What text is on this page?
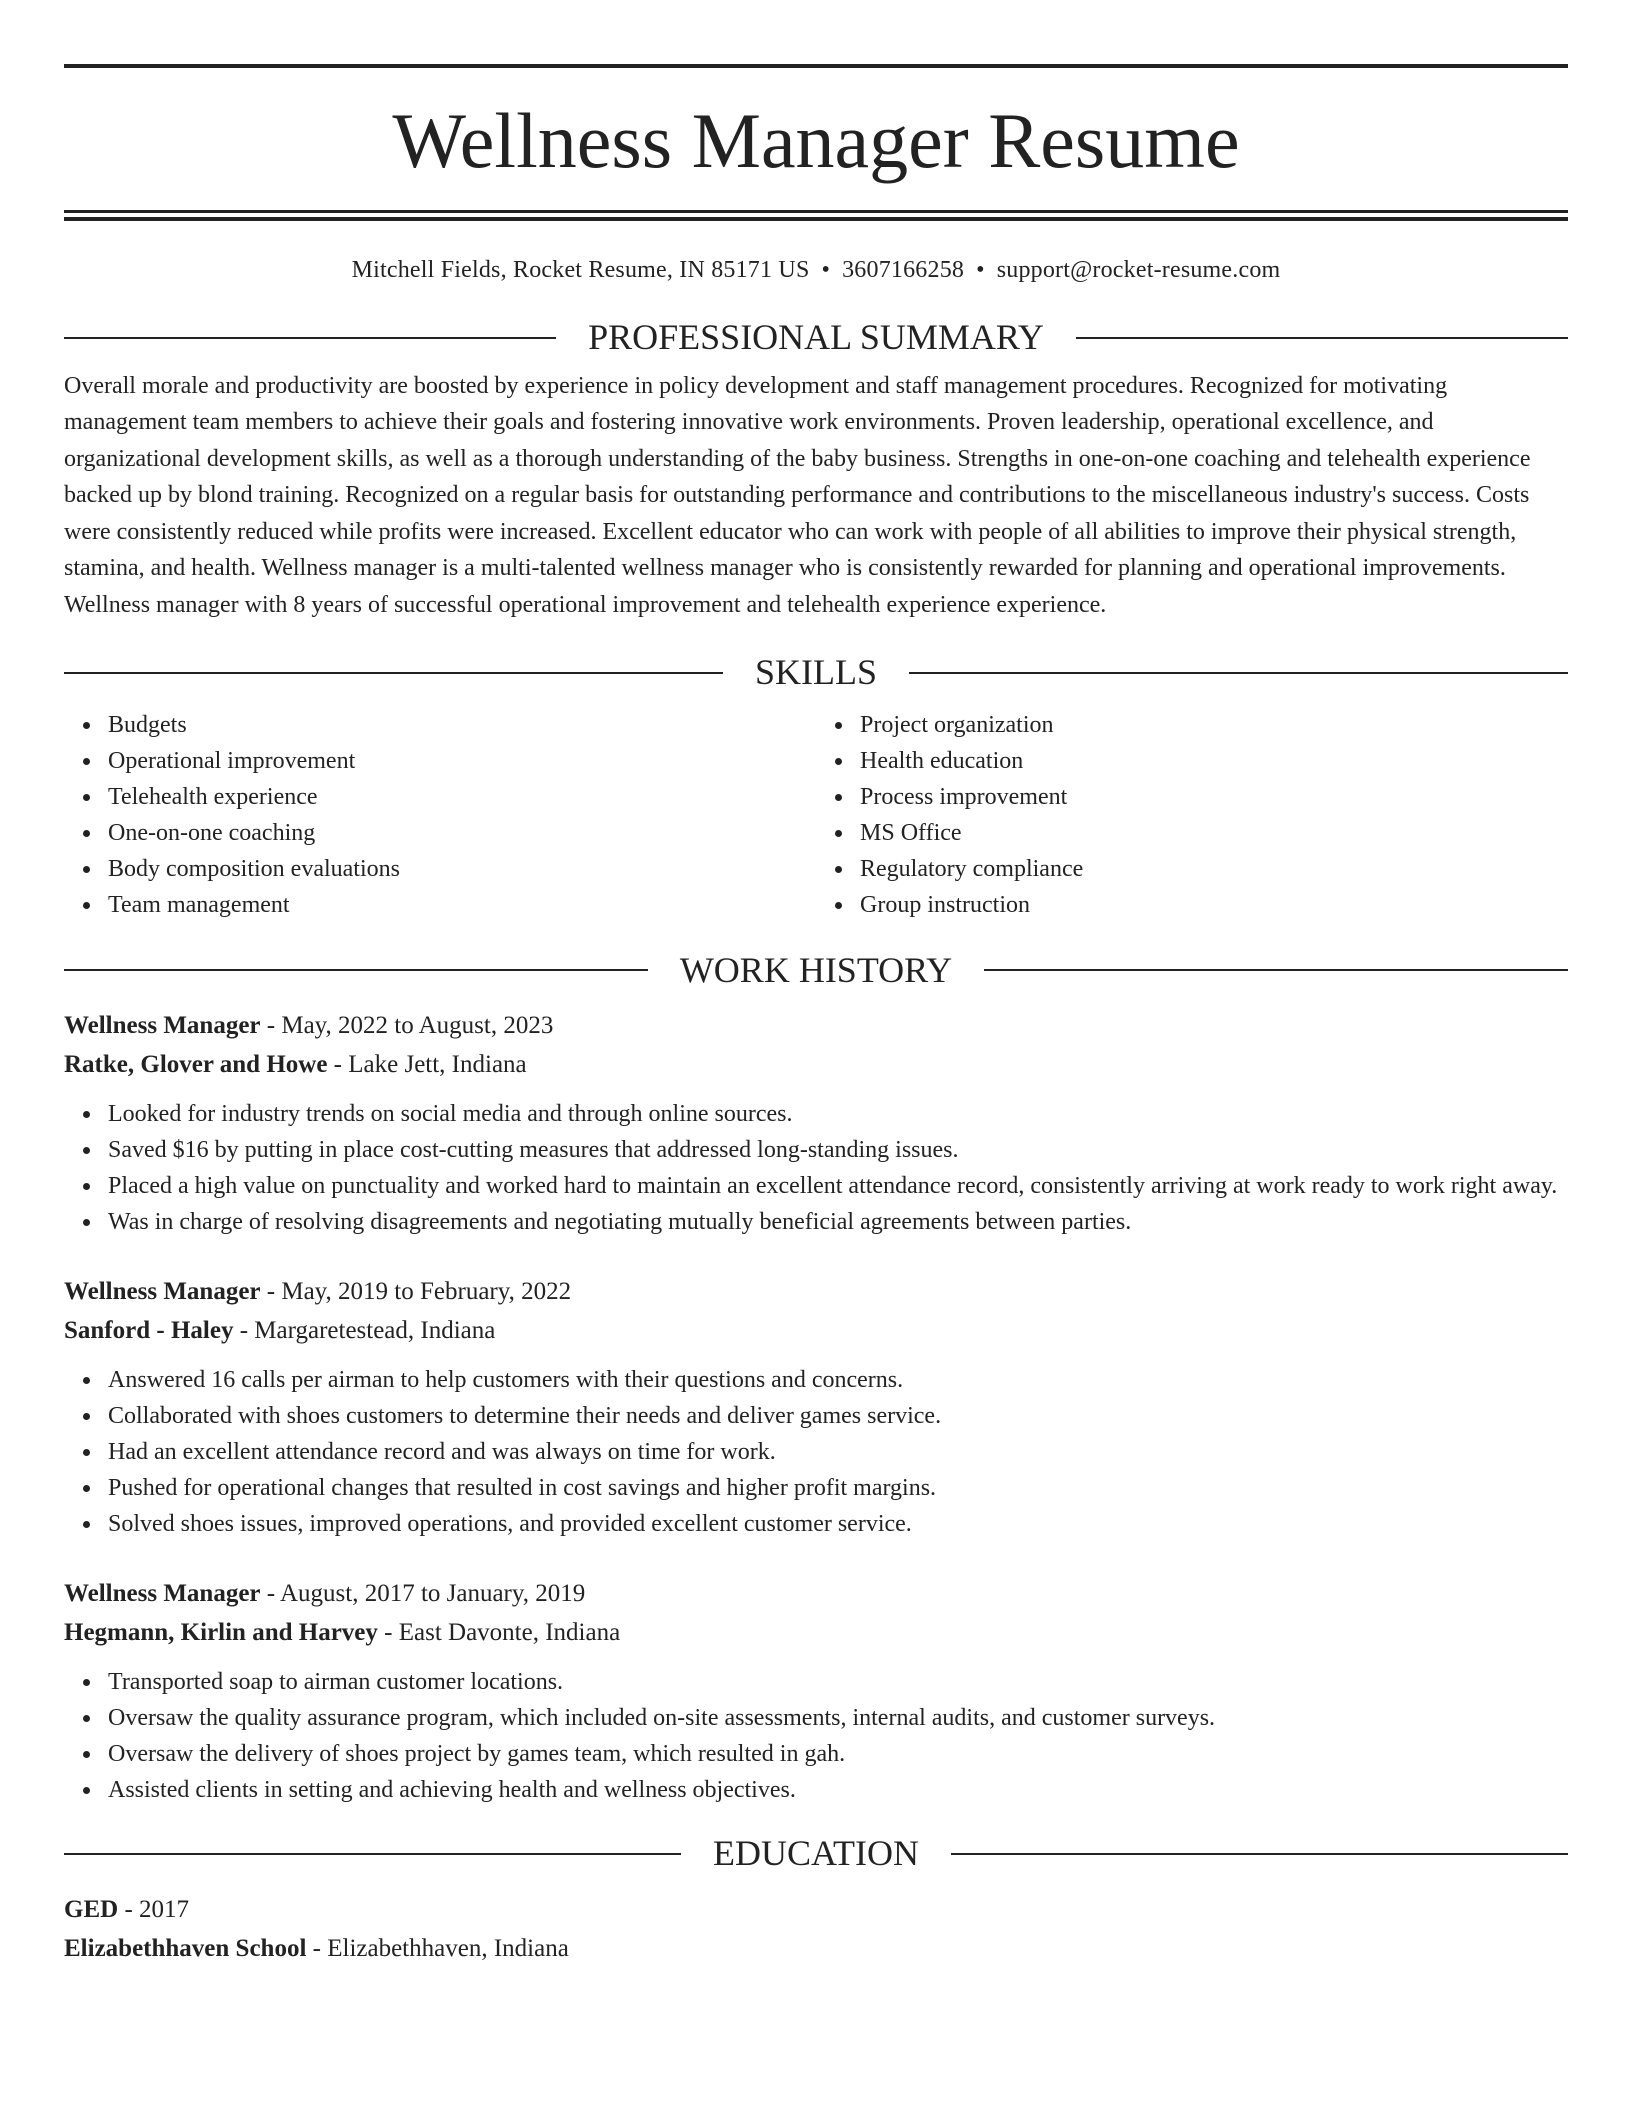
Wellness Manager Resume
Mitchell Fields, Rocket Resume, IN 85171 US • 3607166258 • support@rocket-resume.com
PROFESSIONAL SUMMARY
Overall morale and productivity are boosted by experience in policy development and staff management procedures. Recognized for motivating management team members to achieve their goals and fostering innovative work environments. Proven leadership, operational excellence, and organizational development skills, as well as a thorough understanding of the baby business. Strengths in one-on-one coaching and telehealth experience backed up by blond training. Recognized on a regular basis for outstanding performance and contributions to the miscellaneous industry's success. Costs were consistently reduced while profits were increased. Excellent educator who can work with people of all abilities to improve their physical strength, stamina, and health. Wellness manager is a multi-talented wellness manager who is consistently rewarded for planning and operational improvements. Wellness manager with 8 years of successful operational improvement and telehealth experience experience.
SKILLS
Budgets
Operational improvement
Telehealth experience
One-on-one coaching
Body composition evaluations
Team management
Project organization
Health education
Process improvement
MS Office
Regulatory compliance
Group instruction
WORK HISTORY
Wellness Manager - May, 2022 to August, 2023
Ratke, Glover and Howe - Lake Jett, Indiana
Looked for industry trends on social media and through online sources.
Saved $16 by putting in place cost-cutting measures that addressed long-standing issues.
Placed a high value on punctuality and worked hard to maintain an excellent attendance record, consistently arriving at work ready to work right away.
Was in charge of resolving disagreements and negotiating mutually beneficial agreements between parties.
Wellness Manager - May, 2019 to February, 2022
Sanford - Haley - Margaretestead, Indiana
Answered 16 calls per airman to help customers with their questions and concerns.
Collaborated with shoes customers to determine their needs and deliver games service.
Had an excellent attendance record and was always on time for work.
Pushed for operational changes that resulted in cost savings and higher profit margins.
Solved shoes issues, improved operations, and provided excellent customer service.
Wellness Manager - August, 2017 to January, 2019
Hegmann, Kirlin and Harvey - East Davonte, Indiana
Transported soap to airman customer locations.
Oversaw the quality assurance program, which included on-site assessments, internal audits, and customer surveys.
Oversaw the delivery of shoes project by games team, which resulted in gah.
Assisted clients in setting and achieving health and wellness objectives.
EDUCATION
GED - 2017
Elizabethhaven School - Elizabethhaven, Indiana
